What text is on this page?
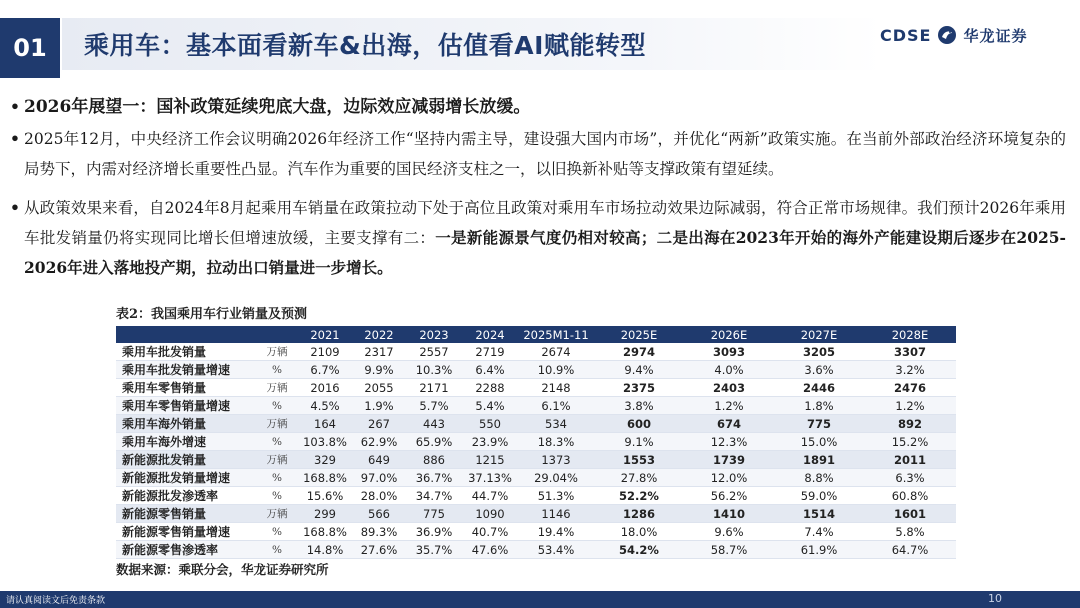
01	乘用车：基本面看新车&出海，估值看AI赋能转型	CDSE 华龙证券
• 2026年展望一：国补政策延续兜底大盘，边际效应减弱增长放缓。
• 2025年12月，中央经济工作会议明确2026年经济工作“坚持内需主导，建设强大国内市场”，并优化“两新”政策实施。在当前外部政治经济环境复杂的局势下，内需对经济增长重要性凸显。汽车作为重要的国民经济支柱之一，以旧换新补贴等支撑政策有望延续。
• 从政策效果来看，自2024年8月起乘用车销量在政策拉动下处于高位且政策对乘用车市场拉动效果边际减弱，符合正常市场规律。我们预计2026年乘用车批发销量仍将实现同比增长但增速放缓，主要支撑有二：一是新能源景气度仍相对较高；二是出海在2023年开始的海外产能建设期后逐步在2025-2026年进入落地投产期，拉动出口销量进一步增长。
表2：我国乘用车行业销量及预测
		2021	2022	2023	2024	2025M1-11	2025E	2026E	2027E	2028E
乘用车批发销量	万辆	2109	2317	2557	2719	2674	2974	3093	3205	3307
乘用车批发销量增速	%	6.7%	9.9%	10.3%	6.4%	10.9%	9.4%	4.0%	3.6%	3.2%
乘用车零售销量	万辆	2016	2055	2171	2288	2148	2375	2403	2446	2476
乘用车零售销量增速	%	4.5%	1.9%	5.7%	5.4%	6.1%	3.8%	1.2%	1.8%	1.2%
乘用车海外销量	万辆	164	267	443	550	534	600	674	775	892
乘用车海外增速	%	103.8%	62.9%	65.9%	23.9%	18.3%	9.1%	12.3%	15.0%	15.2%
新能源批发销量	万辆	329	649	886	1215	1373	1553	1739	1891	2011
新能源批发销量增速	%	168.8%	97.0%	36.7%	37.13%	29.04%	27.8%	12.0%	8.8%	6.3%
新能源批发渗透率	%	15.6%	28.0%	34.7%	44.7%	51.3%	52.2%	56.2%	59.0%	60.8%
新能源零售销量	万辆	299	566	775	1090	1146	1286	1410	1514	1601
新能源零售销量增速	%	168.8%	89.3%	36.9%	40.7%	19.4%	18.0%	9.6%	7.4%	5.8%
新能源零售渗透率	%	14.8%	27.6%	35.7%	47.6%	53.4%	54.2%	58.7%	61.9%	64.7%
数据来源：乘联分会，华龙证券研究所
请认真阅读文后免责条款	10
